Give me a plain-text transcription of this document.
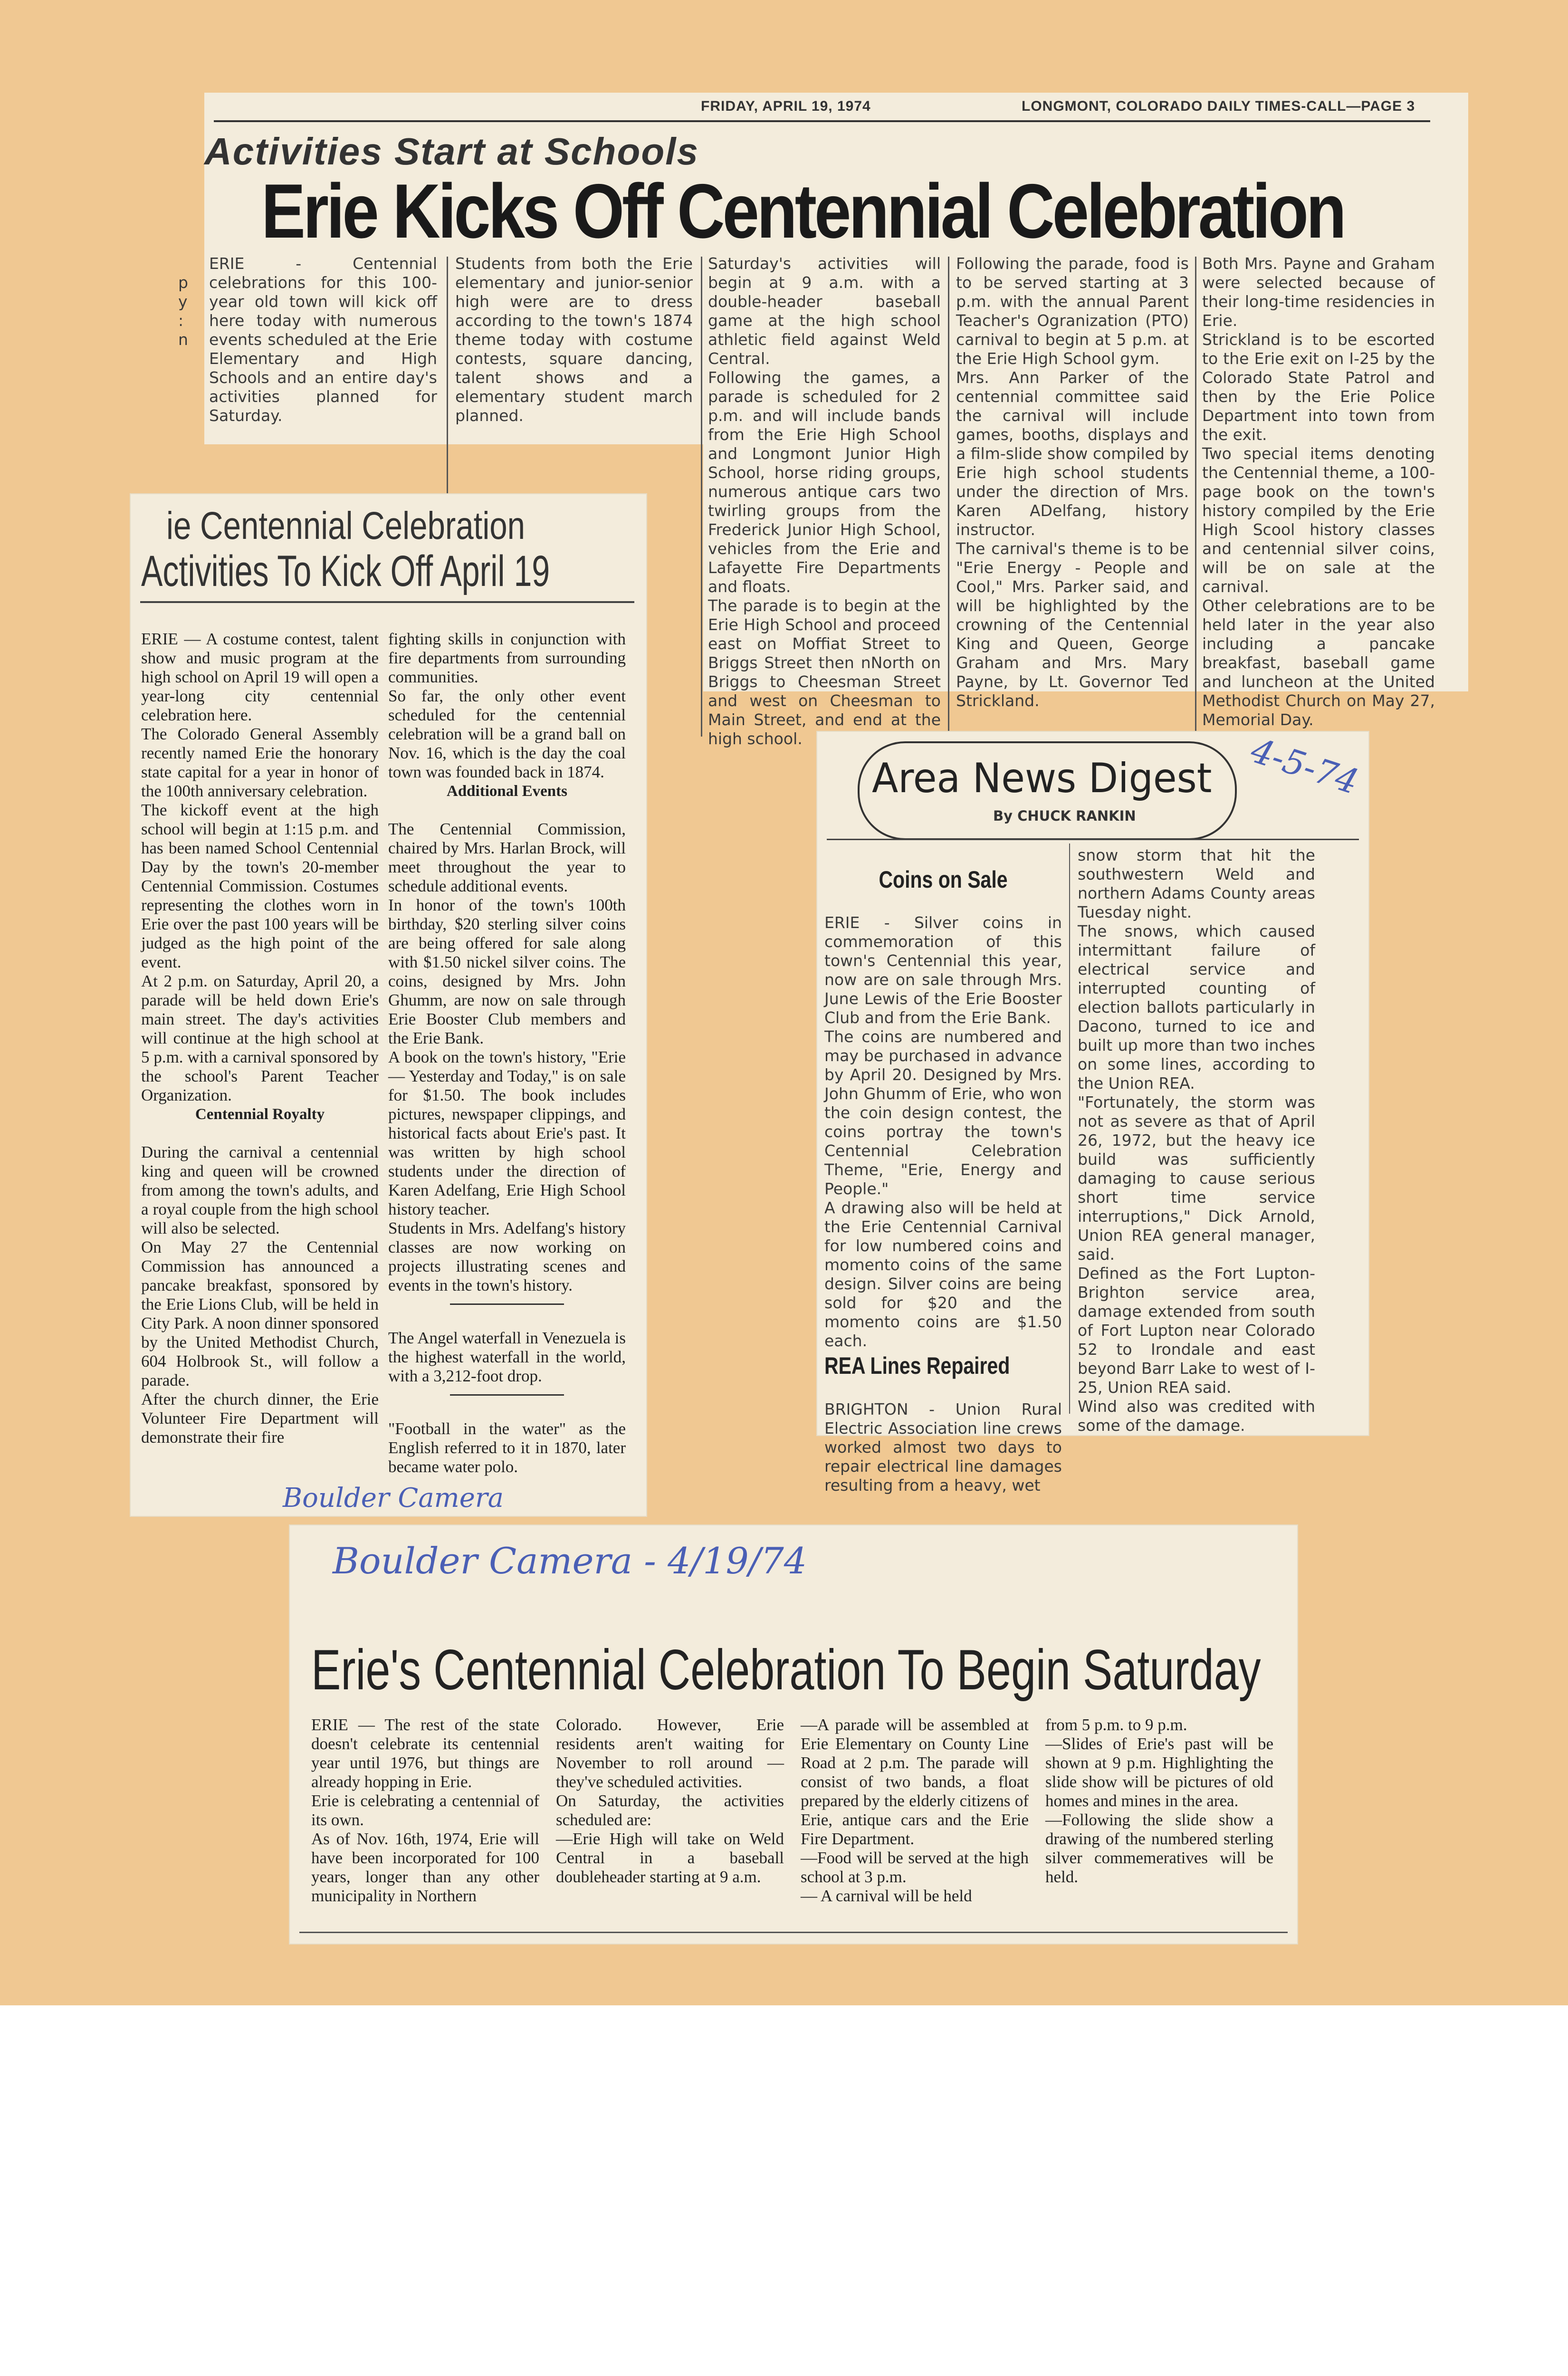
FRIDAY, APRIL 19, 1974	LONGMONT, COLORADO DAILY TIMES-CALL—PAGE 3
Activities Start at Schools
Erie Kicks Off Centennial Celebration
p
y
:
n
ERIE - Centennial celebrations for this 100-year old town will kick off here today with numerous events scheduled at the Erie Elementary and High Schools and an entire day's activities planned for Saturday.
Students from both the Erie elementary and junior-senior high were are to dress according to the town's 1874 theme today with costume contests, square dancing, talent shows and a elementary student march planned.
Saturday's activities will begin at 9 a.m. with a double-header baseball game at the high school athletic field against Weld Central.
Following the games, a parade is scheduled for 2 p.m. and will include bands from the Erie High School and Longmont Junior High School, horse riding groups, numerous antique cars two twirling groups from the Frederick Junior High School, vehicles from the Erie and Lafayette Fire Departments and floats.
The parade is to begin at the Erie High School and proceed east on Moffiat Street to Briggs Street then nNorth on Briggs to Cheesman Street and west on Cheesman to Main Street, and end at the high school.
Following the parade, food is to be served starting at 3 p.m. with the annual Parent Teacher's Ogranization (PTO) carnival to begin at 5 p.m. at the Erie High School gym.
Mrs. Ann Parker of the centennial committee said the carnival will include games, booths, displays and a film-slide show compiled by Erie high school students under the direction of Mrs. Karen ADelfang, history instructor.
The carnival's theme is to be "Erie Energy - People and Cool," Mrs. Parker said, and will be highlighted by the crowning of the Centennial King and Queen, George Graham and Mrs. Mary Payne, by Lt. Governor Ted Strickland.
Both Mrs. Payne and Graham were selected because of their long-time residencies in Erie.
Strickland is to be escorted to the Erie exit on I-25 by the Colorado State Patrol and then by the Erie Police Department into town from the exit.
Two special items denoting the Centennial theme, a 100-page book on the town's history compiled by the Erie High Scool history classes and centennial silver coins, will be on sale at the carnival.
Other celebrations are to be held later in the year also including a pancake breakfast, baseball game and luncheon at the United Methodist Church on May 27, Memorial Day.
ie Centennial Celebration
Activities To Kick Off April 19

ERIE — A costume contest, talent show and music program at the high school on April 19 will open a year-long city centennial celebration here.
The Colorado General Assembly recently named Erie the honorary state capital for a year in honor of the 100th anniversary celebration.
The kickoff event at the high school will begin at 1:15 p.m. and has been named School Centennial Day by the town's 20-member Centennial Commission. Costumes representing the clothes worn in Erie over the past 100 years will be judged as the high point of the event.
At 2 p.m. on Saturday, April 20, a parade will be held down Erie's main street. The day's activities will continue at the high school at 5 p.m. with a carnival sponsored by the school's Parent Teacher Organization.

Centennial Royalty

During the carnival a centennial king and queen will be crowned from among the town's adults, and a royal couple from the high school will also be selected.
On May 27 the Centennial Commission has announced a pancake breakfast, sponsored by the Erie Lions Club, will be held in City Park. A noon dinner sponsored by the United Methodist Church, 604 Holbrook St., will follow a parade.
After the church dinner, the Erie Volunteer Fire Department will demonstrate their fire

fighting skills in conjunction with fire departments from surrounding communities.
So far, the only other event scheduled for the centennial celebration will be a grand ball on Nov. 16, which is the day the coal town was founded back in 1874.

Additional Events

The Centennial Commission, chaired by Mrs. Harlan Brock, will meet throughout the year to schedule additional events.
In honor of the town's 100th birthday, $20 sterling silver coins are being offered for sale along with $1.50 nickel silver coins. The coins, designed by Mrs. John Ghumm, are now on sale through Erie Booster Club members and the Erie Bank.
A book on the town's history, "Erie — Yesterday and Today," is on sale for $1.50. The book includes pictures, newspaper clippings, and historical facts about Erie's past. It was written by high school students under the direction of Karen Adelfang, Erie High School history teacher.
Students in Mrs. Adelfang's history classes are now working on projects illustrating scenes and events in the town's history.

The Angel waterfall in Venezuela is the highest waterfall in the world, with a 3,212-foot drop.

"Football in the water" as the English referred to it in 1870, later became water polo.

Boulder Camera
Area News Digest
By CHUCK RANKIN
4-5-74

Coins on Sale

ERIE - Silver coins in commemoration of this town's Centennial this year, now are on sale through Mrs. June Lewis of the Erie Booster Club and from the Erie Bank.
The coins are numbered and may be purchased in advance by April 20. Designed by Mrs. John Ghumm of Erie, who won the coin design contest, the coins portray the town's Centennial Celebration Theme, "Erie, Energy and People."
A drawing also will be held at the Erie Centennial Carnival for low numbered coins and momento coins of the same design. Silver coins are being sold for $20 and the momento coins are $1.50 each.

REA Lines Repaired

BRIGHTON - Union Rural Electric Association line crews worked almost two days to repair electrical line damages resulting from a heavy, wet

snow storm that hit the southwestern Weld and northern Adams County areas Tuesday night.
The snows, which caused intermittant failure of electrical service and interrupted counting of election ballots particularly in Dacono, turned to ice and built up more than two inches on some lines, according to the Union REA.
"Fortunately, the storm was not as severe as that of April 26, 1972, but the heavy ice build was sufficiently damaging to cause serious short time service interruptions," Dick Arnold, Union REA general manager, said.
Defined as the Fort Lupton-Brighton service area, damage extended from south of Fort Lupton near Colorado 52 to Irondale and east beyond Barr Lake to west of I-25, Union REA said.
Wind also was credited with some of the damage.
Boulder Camera - 4/19/74
Erie's Centennial Celebration To Begin Saturday
ERIE — The rest of the state doesn't celebrate its centennial year until 1976, but things are already hopping in Erie.
Erie is celebrating a centennial of its own.
As of Nov. 16th, 1974, Erie will have been incorporated for 100 years, longer than any other municipality in Northern
Colorado. However, Erie residents aren't waiting for November to roll around — they've scheduled activities.
On Saturday, the activities scheduled are:
—Erie High will take on Weld Central in a baseball doubleheader starting at 9 a.m.
—A parade will be assembled at Erie Elementary on County Line Road at 2 p.m. The parade will consist of two bands, a float prepared by the elderly citizens of Erie, antique cars and the Erie Fire Department.
—Food will be served at the high school at 3 p.m.
— A carnival will be held
from 5 p.m. to 9 p.m.
—Slides of Erie's past will be shown at 9 p.m. Highlighting the slide show will be pictures of old homes and mines in the area.
—Following the slide show a drawing of the numbered sterling silver commemeratives will be held.
